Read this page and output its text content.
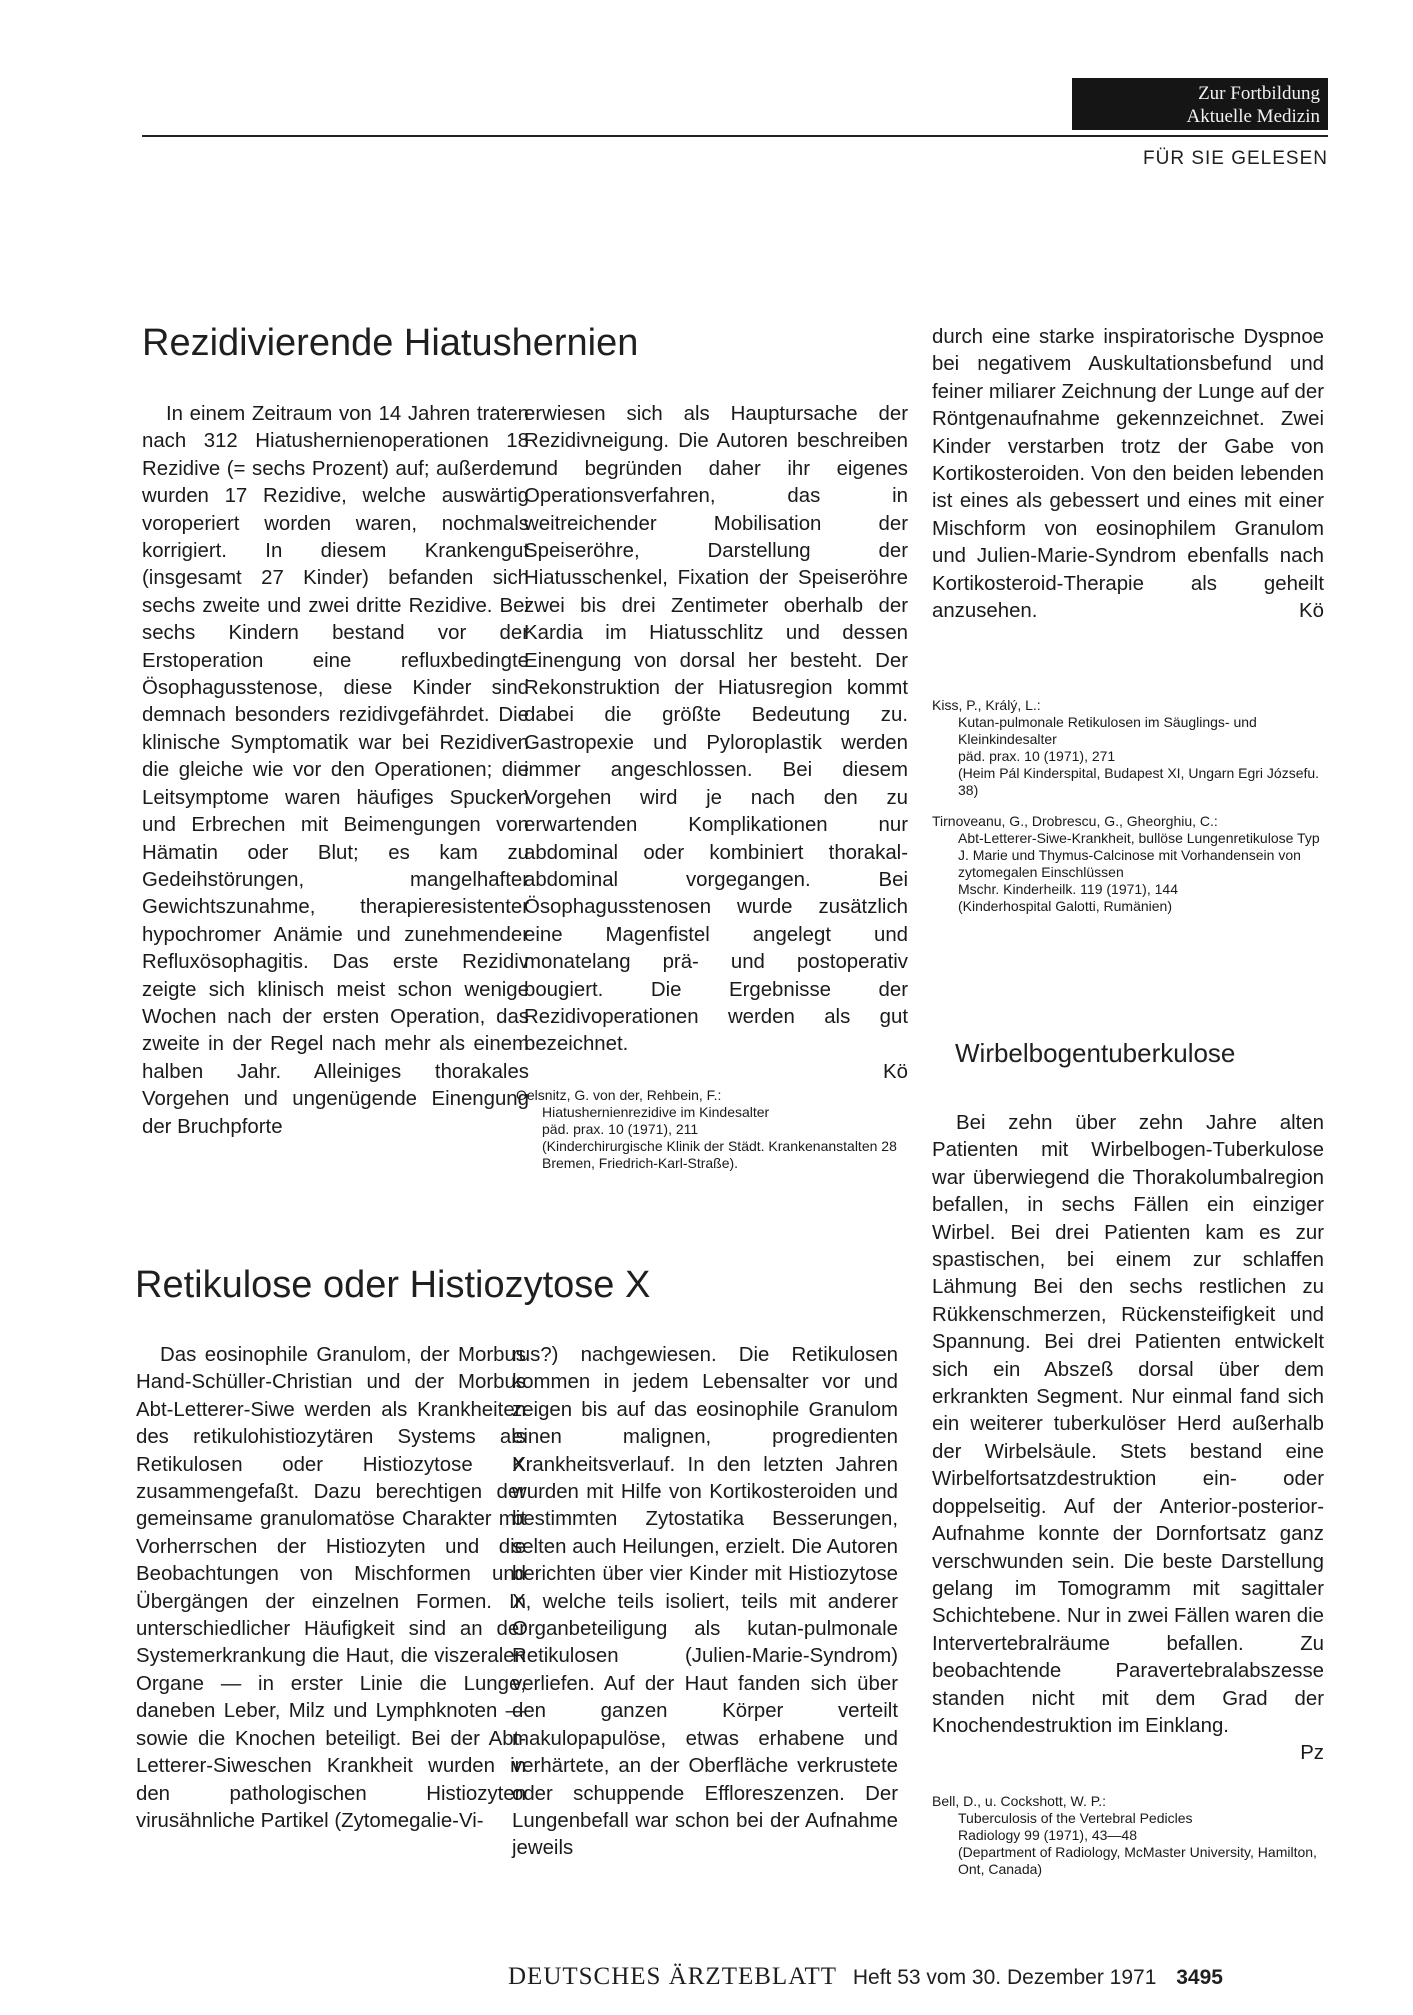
Zur Fortbildung
Aktuelle Medizin
FÜR SIE GELESEN
Rezidivierende Hiatushernien

In einem Zeitraum von 14 Jahren traten nach 312 Hiatushernienoperationen 18 Rezidive (= sechs Prozent) auf; außerdem wurden 17 Rezidive, welche auswärtig voroperiert worden waren, nochmals korrigiert. In diesem Krankengut (insgesamt 27 Kinder) befanden sich sechs zweite und zwei dritte Rezidive. Bei sechs Kindern bestand vor der Erstoperation eine refluxbedingte Ösophagusstenose, diese Kinder sind demnach besonders rezidivgefährdet. Die klinische Symptomatik war bei Rezidiven die gleiche wie vor den Operationen; die Leitsymptome waren häufiges Spucken und Erbrechen mit Beimengungen von Hämatin oder Blut; es kam zu Gedeihstörungen, mangelhafter Gewichtszunahme, therapieresistenter hypochromer Anämie und zunehmender Refluxösophagitis. Das erste Rezidiv zeigte sich klinisch meist schon wenige Wochen nach der ersten Operation, das zweite in der Regel nach mehr als einem halben Jahr. Alleiniges thorakales Vorgehen und ungenügende Einengung der Bruchpforte

erwiesen sich als Hauptursache der Rezidivneigung. Die Autoren beschreiben und begründen daher ihr eigenes Operationsverfahren, das in weitreichender Mobilisation der Speiseröhre, Darstellung der Hiatusschenkel, Fixation der Speiseröhre zwei bis drei Zentimeter oberhalb der Kardia im Hiatusschlitz und dessen Einengung von dorsal her besteht. Der Rekonstruktion der Hiatusregion kommt dabei die größte Bedeutung zu. Gastropexie und Pyloroplastik werden immer angeschlossen. Bei diesem Vorgehen wird je nach den zu erwartenden Komplikationen nur abdominal oder kombiniert thorakal-abdominal vorgegangen. Bei Ösophagusstenosen wurde zusätzlich eine Magenfistel angelegt und monatelang prä- und postoperativ bougiert. Die Ergebnisse der Rezidivoperationen werden als gut bezeichnet.

Kö
Oelsnitz, G. von der, Rehbein, F.:
Hiatushernienrezidive im Kindesalter
päd. prax. 10 (1971), 211
(Kinderchirurgische Klinik der Städt. Krankenanstalten 28 Bremen, Friedrich-Karl-Straße).
Retikulose oder Histiozytose X

Das eosinophile Granulom, der Morbus Hand-Schüller-Christian und der Morbus Abt-Letterer-Siwe werden als Krankheiten des retikulohistiozytären Systems als Retikulosen oder Histiozytose X zusammengefaßt. Dazu berechtigen der gemeinsame granulomatöse Charakter mit Vorherrschen der Histiozyten und die Beobachtungen von Mischformen und Übergängen der einzelnen Formen. In unterschiedlicher Häufigkeit sind an der Systemerkrankung die Haut, die viszeralen Organe — in erster Linie die Lunge, daneben Leber, Milz und Lymphknoten — sowie die Knochen beteiligt. Bei der Abt-Letterer-Siweschen Krankheit wurden in den pathologischen Histiozyten virusähnliche Partikel (Zytomegalie-Vi-

rus?) nachgewiesen. Die Retikulosen kommen in jedem Lebensalter vor und zeigen bis auf das eosinophile Granulom einen malignen, progredienten Krankheitsverlauf. In den letzten Jahren wurden mit Hilfe von Kortikosteroiden und bestimmten Zytostatika Besserungen, selten auch Heilungen, erzielt. Die Autoren berichten über vier Kinder mit Histiozytose X, welche teils isoliert, teils mit anderer Organbeteiligung als kutan-pulmonale Retikulosen (Julien-Marie-Syndrom) verliefen. Auf der Haut fanden sich über den ganzen Körper verteilt makulopapulöse, etwas erhabene und verhärtete, an der Oberfläche verkrustete oder schuppende Effloreszenzen. Der Lungenbefall war schon bei der Aufnahme jeweils

durch eine starke inspiratorische Dyspnoe bei negativem Auskultationsbefund und feiner miliarer Zeichnung der Lunge auf der Röntgenaufnahme gekennzeichnet. Zwei Kinder verstarben trotz der Gabe von Kortikosteroiden. Von den beiden lebenden ist eines als gebessert und eines mit einer Mischform von eosinophilem Granulom und Julien-Marie-Syndrom ebenfalls nach Kortikosteroid-Therapie als geheilt anzusehen.	Kö
Kiss, P., Králý, L.:
Kutan-pulmonale Retikulosen im Säuglings- und Kleinkindesalter
päd. prax. 10 (1971), 271
(Heim Pál Kinderspital, Budapest XI, Ungarn Egri Józsefu. 38)
Tirnoveanu, G., Drobrescu, G., Gheorghiu, C.:
Abt-Letterer-Siwe-Krankheit, bullöse Lungenretikulose Typ J. Marie und Thymus-Calcinose mit Vorhandensein von zytomegalen Einschlüssen
Mschr. Kinderheilk. 119 (1971), 144
(Kinderhospital Galotti, Rumänien)
Wirbelbogentuberkulose

Bei zehn über zehn Jahre alten Patienten mit Wirbelbogen-Tuberkulose war überwiegend die Thorakolumbalregion befallen, in sechs Fällen ein einziger Wirbel. Bei drei Patienten kam es zur spastischen, bei einem zur schlaffen Lähmung Bei den sechs restlichen zu Rükkenschmerzen, Rückensteifigkeit und Spannung. Bei drei Patienten entwickelt sich ein Abszeß dorsal über dem erkrankten Segment. Nur einmal fand sich ein weiterer tuberkulöser Herd außerhalb der Wirbelsäule. Stets bestand eine Wirbelfortsatzdestruktion ein- oder doppelseitig. Auf der Anterior-posterior-Aufnahme konnte der Dornfortsatz ganz verschwunden sein. Die beste Darstellung gelang im Tomogramm mit sagittaler Schichtebene. Nur in zwei Fällen waren die Intervertebralräume befallen. Zu beobachtende Paravertebralabszesse standen nicht mit dem Grad der Knochendestruktion im Einklang.

Pz
Bell, D., u. Cockshott, W. P.:
Tuberculosis of the Vertebral Pedicles
Radiology 99 (1971), 43—48
(Department of Radiology, McMaster University, Hamilton, Ont, Canada)
DEUTSCHES ÄRZTEBLATT Heft 53 vom 30. Dezember 1971 3495
